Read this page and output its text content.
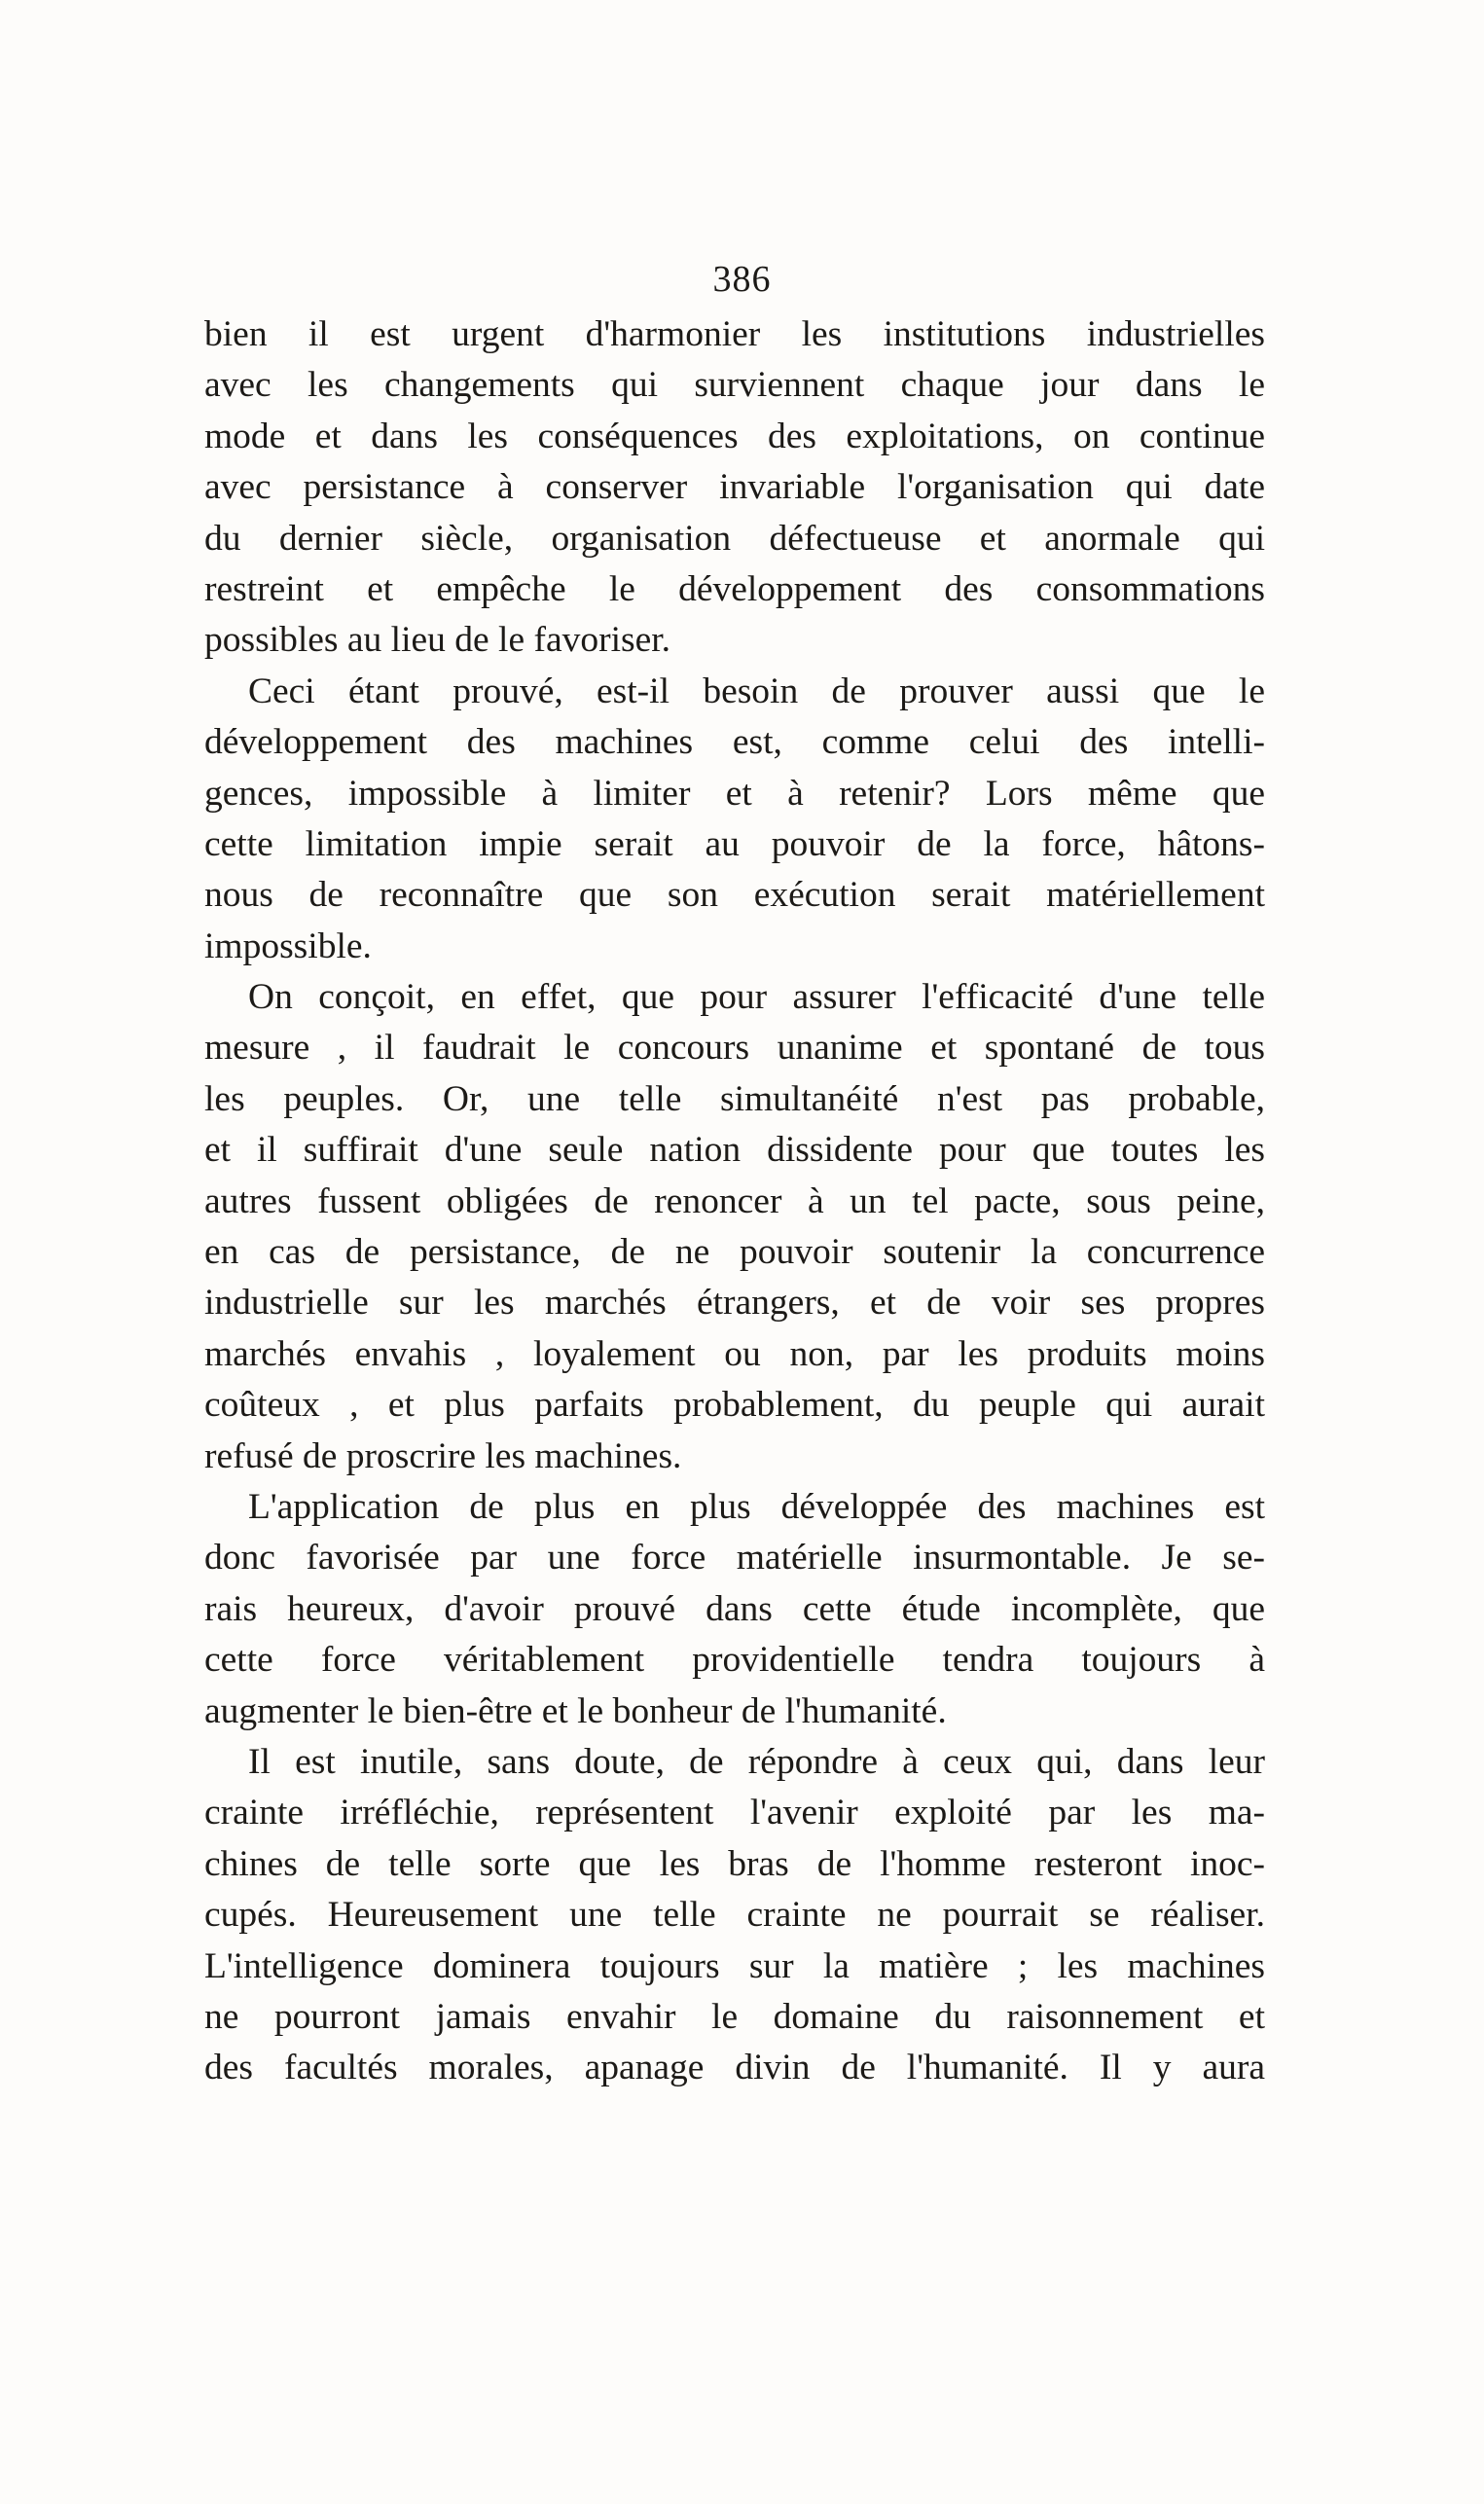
386
bien il est urgent d'harmonier les institutions industrielles
avec les changements qui surviennent chaque jour dans le
mode et dans les conséquences des exploitations, on continue
avec persistance à conserver invariable l'organisation qui date
du dernier siècle, organisation défectueuse et anormale qui
restreint et empêche le développement des consommations
possibles au lieu de le favoriser.
Ceci étant prouvé, est-il besoin de prouver aussi que le
développement des machines est, comme celui des intelli-
gences, impossible à limiter et à retenir? Lors même que
cette limitation impie serait au pouvoir de la force, hâtons-
nous de reconnaître que son exécution serait matériellement
impossible.
On conçoit, en effet, que pour assurer l'efficacité d'une telle
mesure , il faudrait le concours unanime et spontané de tous
les peuples. Or, une telle simultanéité n'est pas probable,
et il suffirait d'une seule nation dissidente pour que toutes les
autres fussent obligées de renoncer à un tel pacte, sous peine,
en cas de persistance, de ne pouvoir soutenir la concurrence
industrielle sur les marchés étrangers, et de voir ses propres
marchés envahis , loyalement ou non, par les produits moins
coûteux , et plus parfaits probablement, du peuple qui aurait
refusé de proscrire les machines.
L'application de plus en plus développée des machines est
donc favorisée par une force matérielle insurmontable. Je se-
rais heureux, d'avoir prouvé dans cette étude incomplète, que
cette force véritablement providentielle tendra toujours à
augmenter le bien-être et le bonheur de l'humanité.
Il est inutile, sans doute, de répondre à ceux qui, dans leur
crainte irréfléchie, représentent l'avenir exploité par les ma-
chines de telle sorte que les bras de l'homme resteront inoc-
cupés. Heureusement une telle crainte ne pourrait se réaliser.
L'intelligence dominera toujours sur la matière ; les machines
ne pourront jamais envahir le domaine du raisonnement et
des facultés morales, apanage divin de l'humanité. Il y aura
